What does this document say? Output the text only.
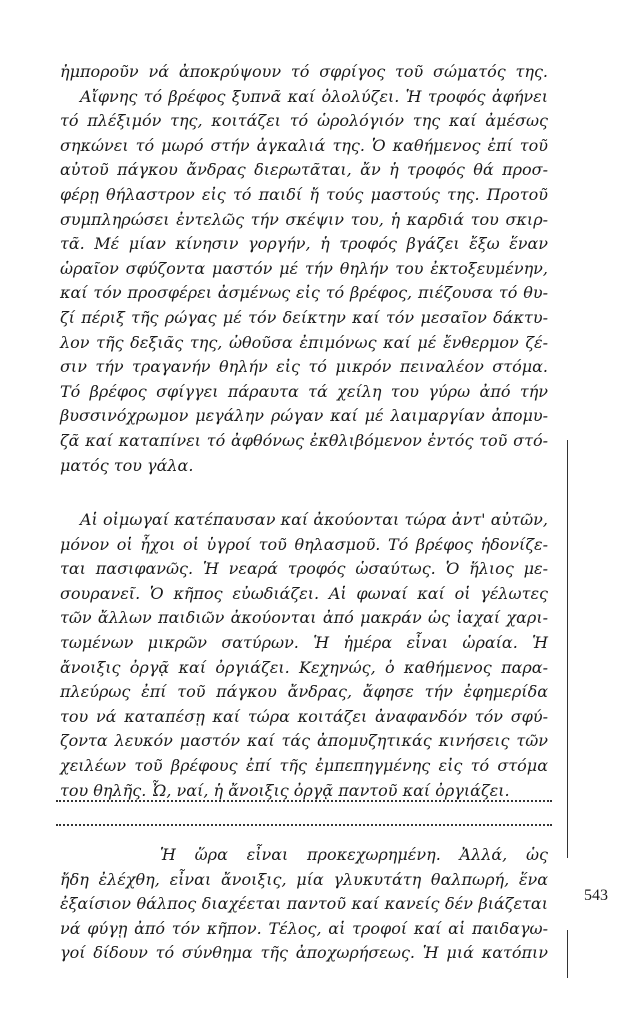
ἠμποροῦν νά ἀποκρύψουν τό σφρίγος τοῦ σώματός της.
Αἴφνης τό βρέφος ξυπνᾶ καί ὀλολύζει. Ἡ τροφός ἀφήνει
τό πλέξιμόν της, κοιτάζει τό ὡρολόγιόν της καί ἀμέσως
σηκώνει τό μωρό στήν ἀγκαλιά της. Ὁ καθήμενος ἐπί τοῦ
αὐτοῦ πάγκου ἄνδρας διερωτᾶται, ἄν ἡ τροφός θά προσ-
φέρῃ θήλαστρον εἰς τό παιδί ἤ τούς μαστούς της. Προτοῦ
συμπληρώσει ἐντελῶς τήν σκέψιν του, ἡ καρδιά του σκιρ-
τᾶ. Μέ μίαν κίνησιν γοργήν, ἡ τροφός βγάζει ἔξω ἕναν
ὡραῖον σφύζοντα μαστόν μέ τήν θηλήν του ἐκτοξευμένην,
καί τόν προσφέρει ἀσμένως εἰς τό βρέφος, πιέζουσα τό θυ-
ζί πέριξ τῆς ρώγας μέ τόν δείκτην καί τόν μεσαῖον δάκτυ-
λον τῆς δεξιᾶς της, ὠθοῦσα ἐπιμόνως καί μέ ἔνθερμον ζέ-
σιν τήν τραγανήν θηλήν εἰς τό μικρόν πειναλέον στόμα.
Τό βρέφος σφίγγει πάραυτα τά χείλη του γύρω ἀπό τήν
βυσσινόχρωμον μεγάλην ρώγαν καί μέ λαιμαργίαν ἀπομυ-
ζᾶ καί καταπίνει τό ἀφθόνως ἐκθλιβόμενον ἐντός τοῦ στό-
ματός του γάλα.
Αἱ οἰμωγαί κατέπαυσαν καί ἀκούονται τώρα ἀντ' αὐτῶν,
μόνον οἱ ἦχοι οἱ ὑγροί τοῦ θηλασμοῦ. Τό βρέφος ἡδονίζε-
ται πασιφανῶς. Ἡ νεαρά τροφός ὡσαύτως. Ὁ ἥλιος με-
σουρανεῖ. Ὁ κῆπος εὐωδιάζει. Αἱ φωναί καί οἱ γέλωτες
τῶν ἄλλων παιδιῶν ἀκούονται ἀπό μακράν ὡς ἰαχαί χαρι-
τωμένων μικρῶν σατύρων. Ἡ ἡμέρα εἶναι ὡραία. Ἡ
ἄνοιξις ὀργᾷ καί ὀργιάζει. Κεχηνώς, ὁ καθήμενος παρα-
πλεύρως ἐπί τοῦ πάγκου ἄνδρας, ἄφησε τήν ἐφημερίδα
του νά καταπέσῃ καί τώρα κοιτάζει ἀναφανδόν τόν σφύ-
ζοντα λευκόν μαστόν καί τάς ἀπομυζητικάς κινήσεις τῶν
χειλέων τοῦ βρέφους ἐπί τῆς ἐμπεπηγμένης εἰς τό στόμα
του θηλῆς. Ὦ, ναί, ἡ ἄνοιξις ὀργᾷ παντοῦ καί ὀργιάζει.
Ἡ ὥρα εἶναι προκεχωρημένη. Ἀλλά, ὡς
ἤδη ἐλέχθη, εἶναι ἄνοιξις, μία γλυκυτάτη θαλπωρή, ἕνα
ἐξαίσιον θάλπος διαχέεται παντοῦ καί κανείς δέν βιάζεται
νά φύγῃ ἀπό τόν κῆπον. Τέλος, αἱ τροφοί καί αἱ παιδαγω-
γοί δίδουν τό σύνθημα τῆς ἀποχωρήσεως. Ἡ μιά κατόπιν
543
